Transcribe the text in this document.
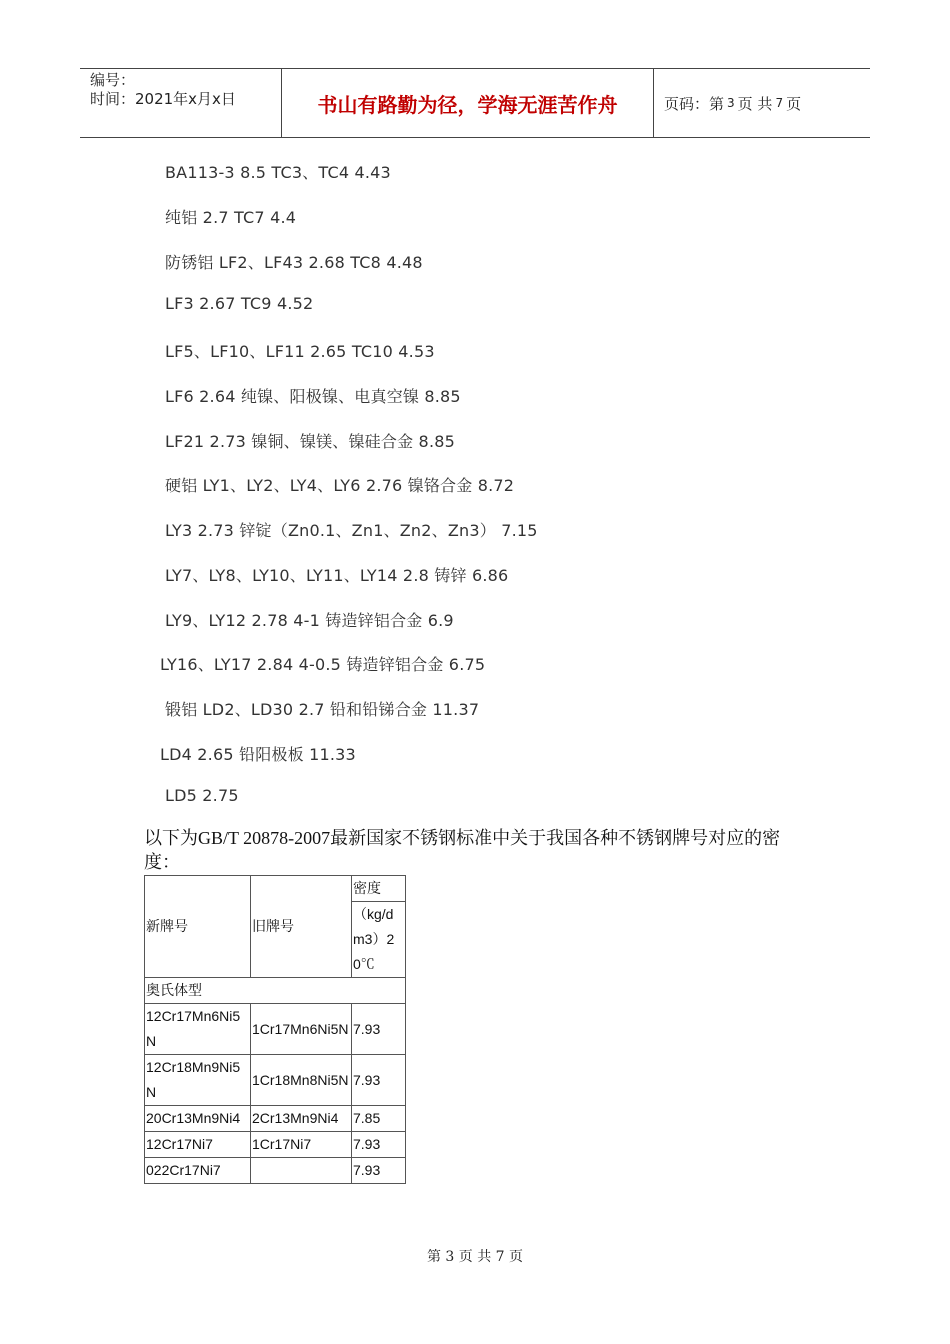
编号：
时间：2021年x月x日	书山有路勤为径，学海无涯苦作舟	页码：第 3 页 共 7 页
BA113-3 8.5 TC3、TC4 4.43
纯铝 2.7 TC7 4.4
防锈铝 LF2、LF43 2.68 TC8 4.48
LF3 2.67 TC9 4.52
LF5、LF10、LF11 2.65 TC10 4.53
LF6 2.64 纯镍、阳极镍、电真空镍 8.85
LF21 2.73 镍铜、镍镁、镍硅合金 8.85
硬铝 LY1、LY2、LY4、LY6 2.76 镍铬合金 8.72
LY3 2.73 锌锭（Zn0.1、Zn1、Zn2、Zn3） 7.15
LY7、LY8、LY10、LY11、LY14 2.8 铸锌 6.86
LY9、LY12 2.78 4-1 铸造锌铝合金 6.9
LY16、LY17 2.84 4-0.5 铸造锌铝合金 6.75
锻铝 LD2、LD30 2.7 铅和铅锑合金 11.37
LD4 2.65 铅阳极板 11.33
LD5 2.75
以下为GB/T 20878-2007最新国家不锈钢标准中关于我国各种不锈钢牌号对应的密度：
新牌号	旧牌号	密度
		（kg/dm3）20℃
奥氏体型		
12Cr17Mn6Ni5N	1Cr17Mn6Ni5N	7.93
12Cr18Mn9Ni5N	1Cr18Mn8Ni5N	7.93
20Cr13Mn9Ni4	2Cr13Mn9Ni4	7.85
12Cr17Ni7	1Cr17Ni7	7.93
022Cr17Ni7		7.93
第 3 页 共 7 页
